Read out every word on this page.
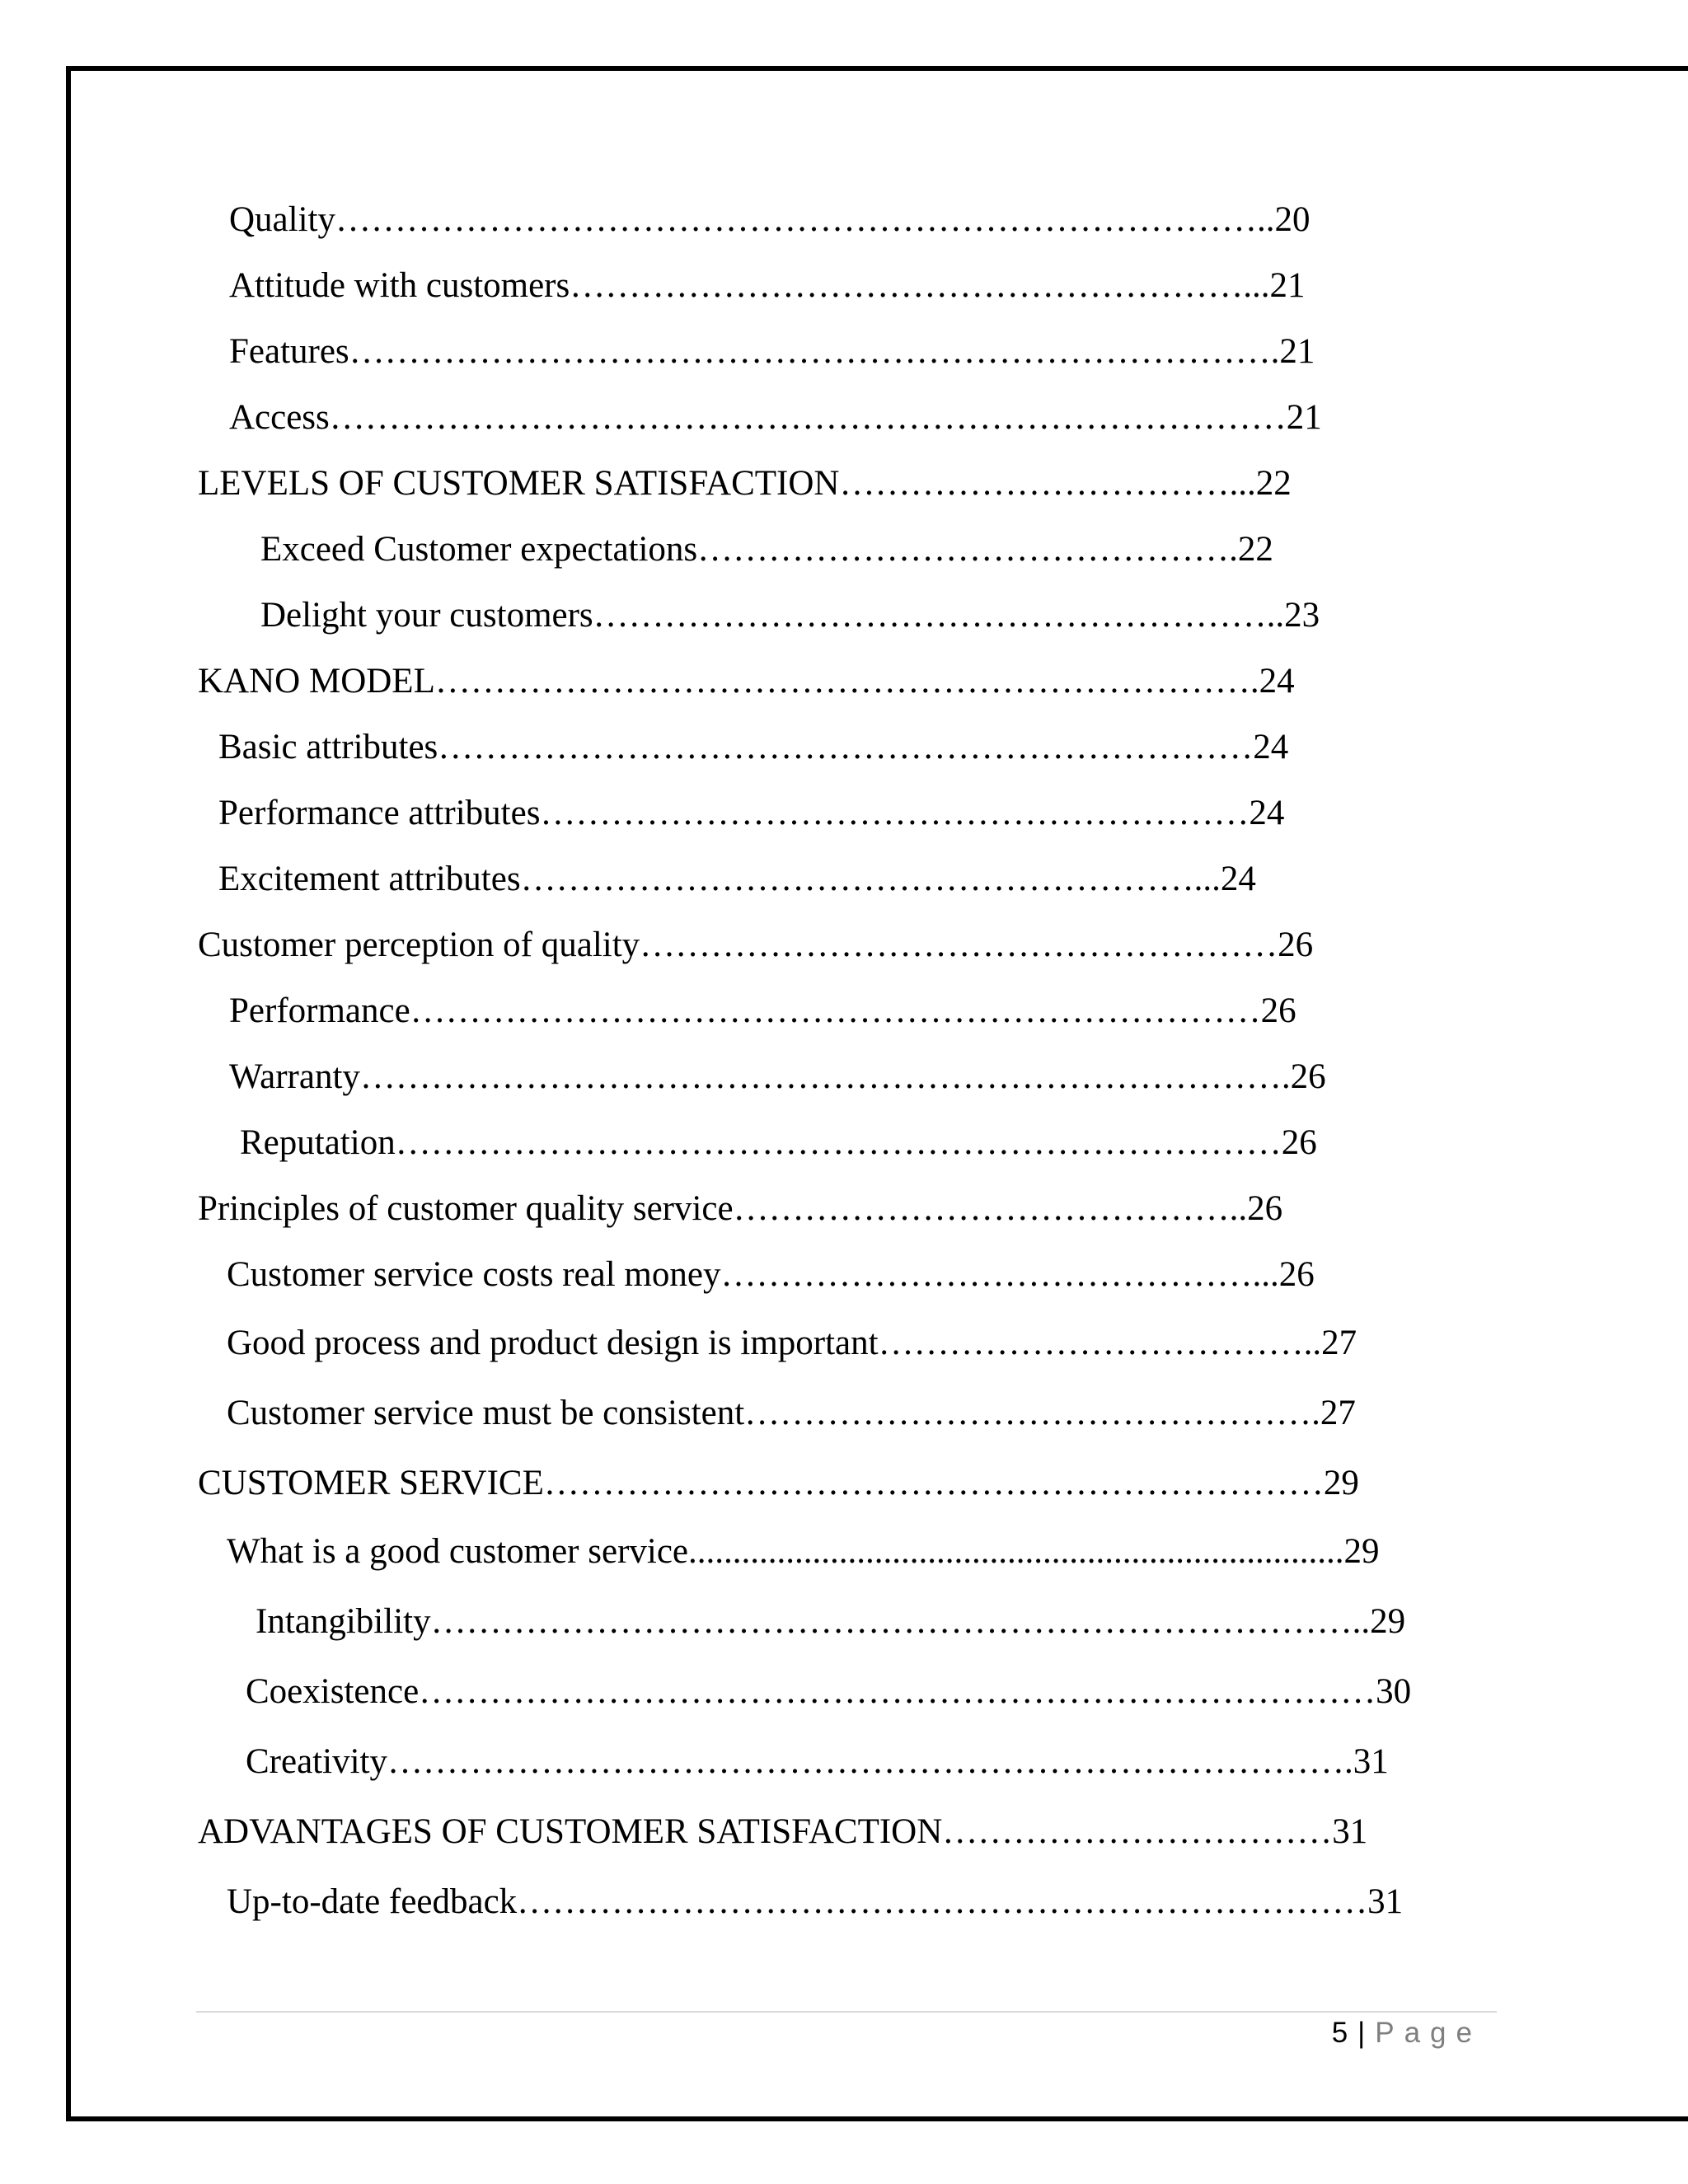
Quality……………………………………………………………………..20
Attitude with customers…………………………………………………...21
Features…………………………………………………………………….21
Access………………………………………………………………………21
LEVELS OF CUSTOMER SATISFACTION……………………………...22
Exceed Customer expectations……………………………………….22
Delight your customers…………………………………………………..23
KANO MODEL…………………………………………………………….24
Basic attributes……………………………………………………………24
Performance attributes……………………………………………………24
Excitement attributes…………………………………………………...24
Customer perception of quality………………………………………………26
Performance………………………………………………………………26
Warranty…………………………………………………………………….26
Reputation…………………………………………………………………26
Principles of customer quality service……………………………………..26
Customer service costs real money………………………………………...26
Good process and product design is important………………………………..27
Customer service must be consistent………………………………………….27
CUSTOMER SERVICE…………………………………………………………29
What is a good customer service..........................................................................29
Intangibility……………………………………………………………………..29
Coexistence………………………………………………………………………30
Creativity……………………………………………………………………….31
ADVANTAGES OF CUSTOMER SATISFACTION……………………………31
Up-to-date feedback………………………………………………………………31
5 | Page
